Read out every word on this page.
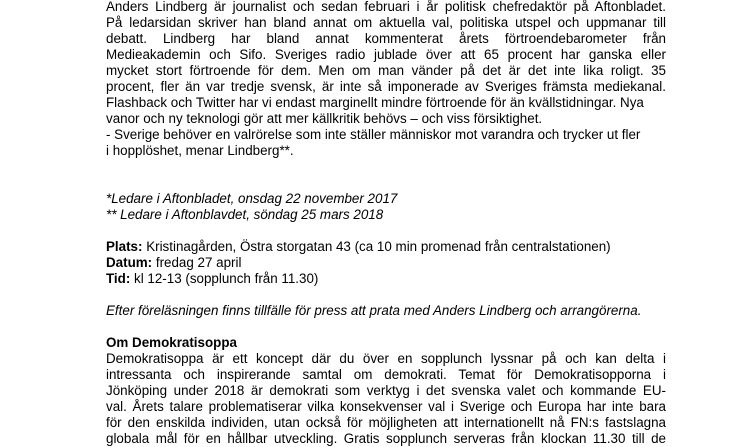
Anders Lindberg är journalist och sedan februari i år politisk chefredaktör på Aftonbladet.
På ledarsidan skriver han bland annat om aktuella val, politiska utspel och uppmanar till
debatt. Lindberg har bland annat kommenterat årets förtroendebarometer från
Medieakademin och Sifo. Sveriges radio jublade över att 65 procent har ganska eller
mycket stort förtroende för dem. Men om man vänder på det är det inte lika roligt. 35
procent, fler än var tredje svensk, är inte så imponerade av Sveriges främsta mediekanal.
Flashback och Twitter har vi endast marginellt mindre förtroende för än kvällstidningar. Nya
vanor och ny teknologi gör att mer källkritik behövs – och viss försiktighet.
- Sverige behöver en valrörelse som inte ställer människor mot varandra och trycker ut fler
i hopplöshet, menar Lindberg**.

*Ledare i Aftonbladet, onsdag 22 november 2017

** Ledare i Aftonblavdet, söndag 25 mars 2018

Plats: Kristinagården, Östra storgatan 43 (ca 10 min promenad från centralstationen)

Datum: fredag 27 april

Tid: kl 12-13 (sopplunch från 11.30)

Efter föreläsningen finns tillfälle för press att prata med Anders Lindberg och arrangörerna.

Om Demokratisoppa

Demokratisoppa är ett koncept där du över en sopplunch lyssnar på och kan delta i
intressanta och inspirerande samtal om demokrati. Temat för Demokratisopporna i
Jönköping under 2018 är demokrati som verktyg i det svenska valet och kommande EU-
val. Årets talare problematiserar vilka konsekvenser val i Sverige och Europa har inte bara
för den enskilda individen, utan också för möjligheten att internationellt nå FN:s fastslagna
globala mål för en hållbar utveckling. Gratis sopplunch serveras från klockan 11.30 till de
